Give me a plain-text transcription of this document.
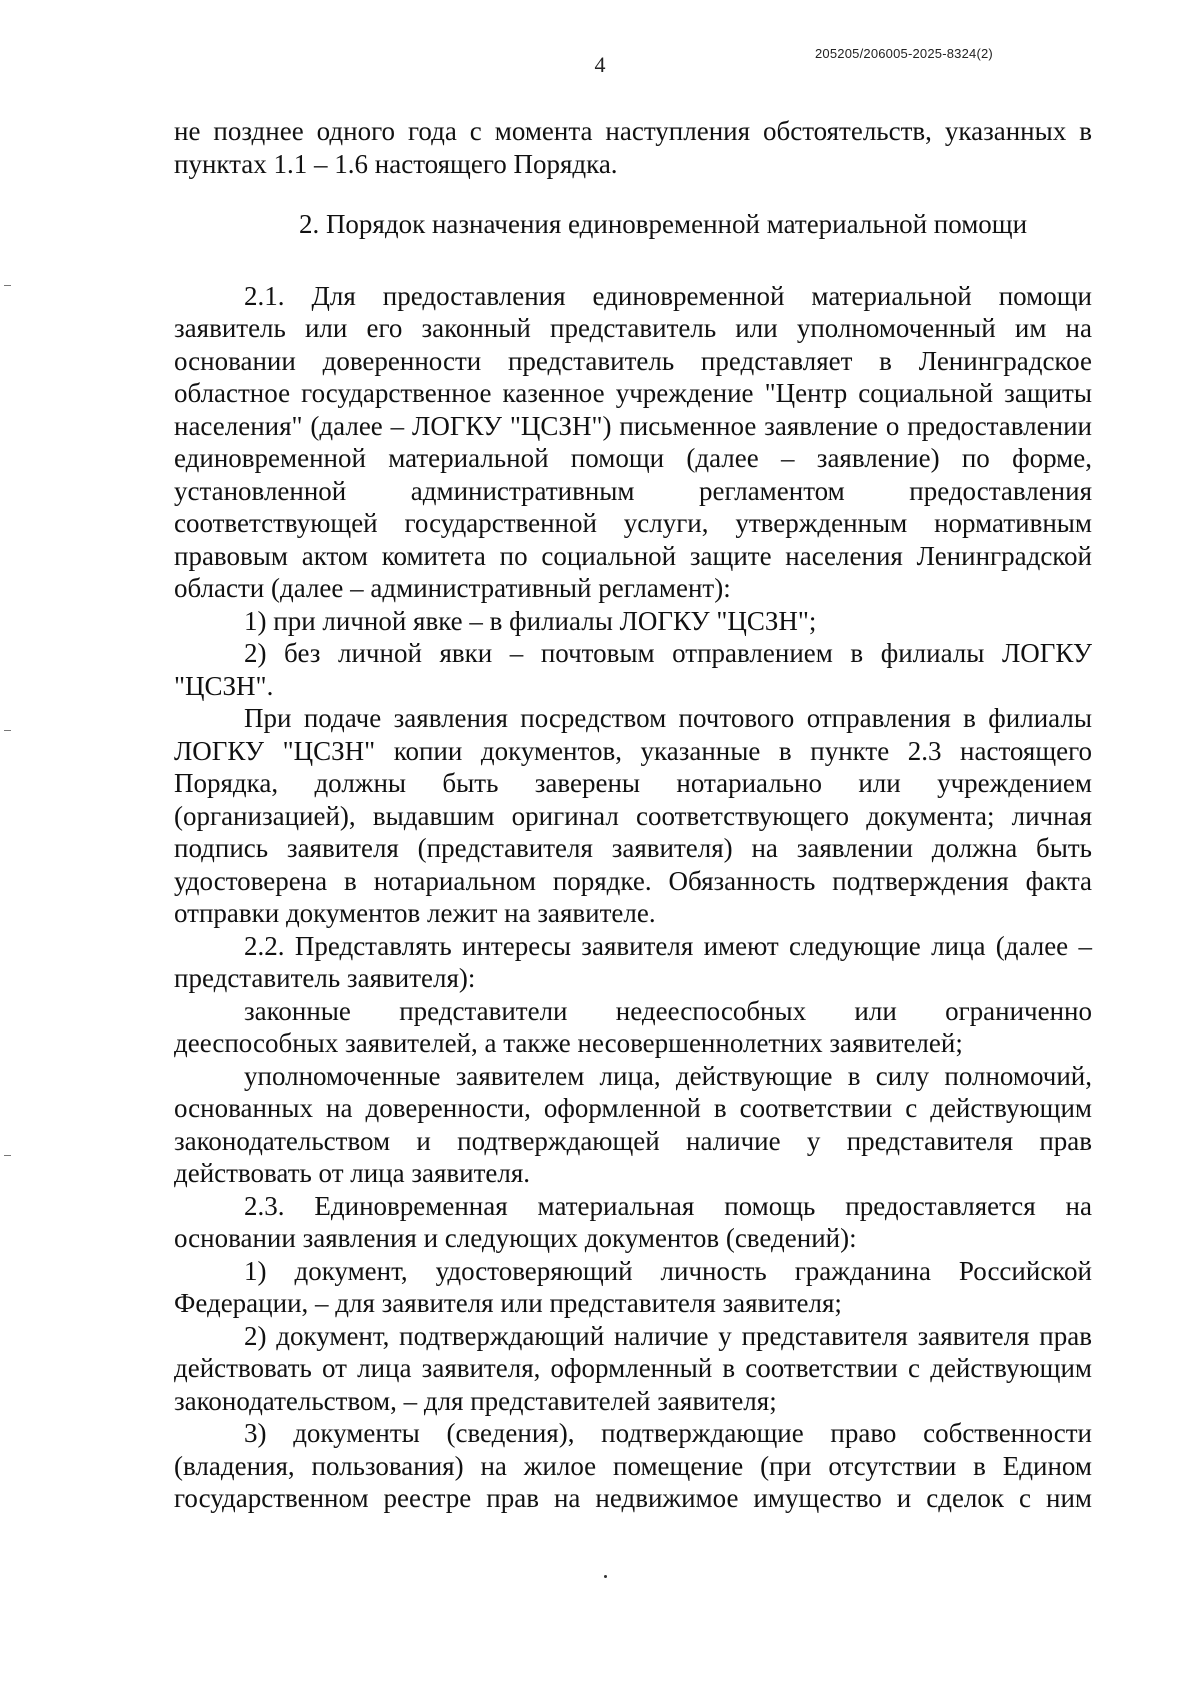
4	205205/206005-2025-8324(2)

не позднее одного года с момента наступления обстоятельств, указанных в пунктах 1.1 – 1.6 настоящего Порядка.

2. Порядок назначения единовременной материальной помощи

2.1. Для предоставления единовременной материальной помощи заявитель или его законный представитель или уполномоченный им на основании доверенности представитель представляет в Ленинградское областное государственное казенное учреждение "Центр социальной защиты населения" (далее – ЛОГКУ "ЦСЗН") письменное заявление о предоставлении единовременной материальной помощи (далее – заявление) по форме, установленной административным регламентом предоставления соответствующей государственной услуги, утвержденным нормативным правовым актом комитета по социальной защите населения Ленинградской области (далее – административный регламент):

1) при личной явке – в филиалы ЛОГКУ "ЦСЗН";

2) без личной явки – почтовым отправлением в филиалы ЛОГКУ "ЦСЗН".

При подаче заявления посредством почтового отправления в филиалы ЛОГКУ "ЦСЗН" копии документов, указанные в пункте 2.3 настоящего Порядка, должны быть заверены нотариально или учреждением (организацией), выдавшим оригинал соответствующего документа; личная подпись заявителя (представителя заявителя) на заявлении должна быть удостоверена в нотариальном порядке. Обязанность подтверждения факта отправки документов лежит на заявителе.

2.2. Представлять интересы заявителя имеют следующие лица (далее – представитель заявителя):

законные представители недееспособных или ограниченно дееспособных заявителей, а также несовершеннолетних заявителей;

уполномоченные заявителем лица, действующие в силу полномочий, основанных на доверенности, оформленной в соответствии с действующим законодательством и подтверждающей наличие у представителя прав действовать от лица заявителя.

2.3. Единовременная материальная помощь предоставляется на основании заявления и следующих документов (сведений):

1) документ, удостоверяющий личность гражданина Российской Федерации, – для заявителя или представителя заявителя;

2) документ, подтверждающий наличие у представителя заявителя прав действовать от лица заявителя, оформленный в соответствии с действующим законодательством, – для представителей заявителя;

3) документы (сведения), подтверждающие право собственности (владения, пользования) на жилое помещение (при отсутствии в Едином государственном реестре прав на недвижимое имущество и сделок с ним
